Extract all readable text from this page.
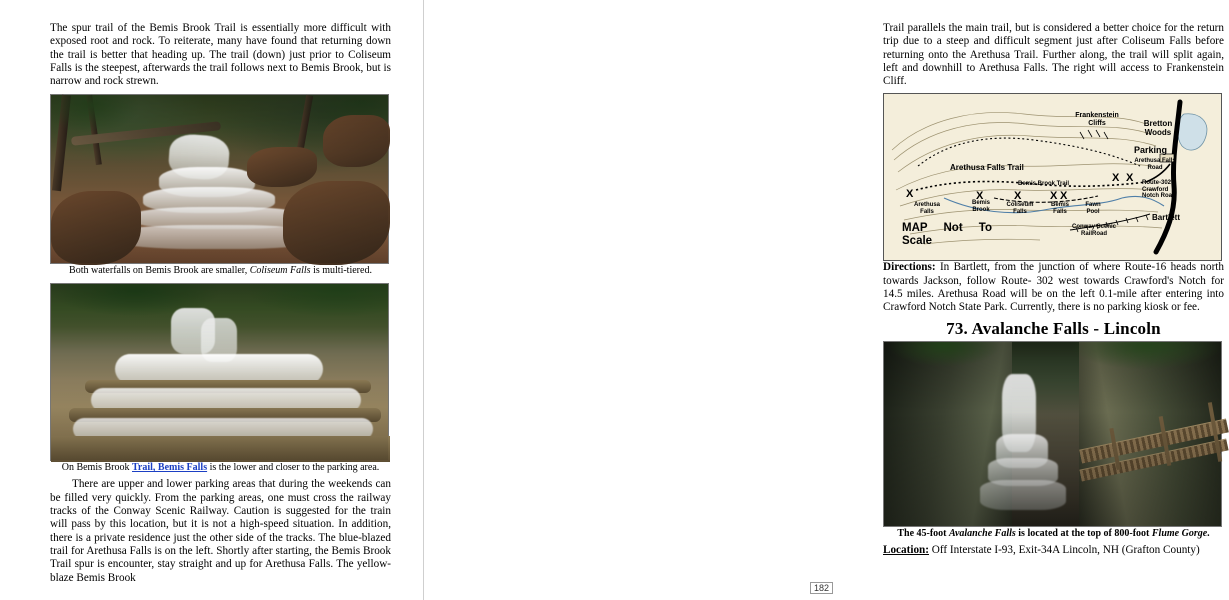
The spur trail of the Bemis Brook Trail is essentially more difficult with exposed root and rock. To reiterate, many have found that returning down the trail is better that heading up. The trail (down) just prior to Coliseum Falls is the steepest, afterwards the trail follows next to Bemis Brook, but is narrow and rock strewn.

Both waterfalls on Bemis Brook are smaller, Coliseum Falls is multi-tiered.
On Bemis Brook Trail, Bemis Falls is the lower and closer to the parking area.

There are upper and lower parking areas that during the weekends can be filled very quickly. From the parking areas, one must cross the railway tracks of the Conway Scenic Railway. Caution is suggested for the train will pass by this location, but it is not a high-speed situation. In addition, there is a private residence just the other side of the tracks. The blue-blazed trail for Arethusa Falls is on the left. Shortly after starting, the Bemis Brook Trail spur is encounter, stay straight and up for Arethusa Falls. The yellow-blaze Bemis Brook

Trail parallels the main trail, but is considered a better choice for the return trip due to a steep and difficult segment just after Coliseum Falls before returning onto the Arethusa Trail. Further along, the trail will split again, left and downhill to Arethusa Falls. The right will access to Frankenstein Cliff.

Frankenstein Cliffs	Bretton Woods
Parking
Arethusa Falls Road
Arethusa Falls Trail
Bemis Brook Trail	Route-302 Crawford Notch Road
Bartlett
Conway Scenic RailRoad
Arethusa Falls
Bemis Brook
Coliseum Falls
Bemis Falls
Fawn Pool
X	X	X	X X
X X
MAP Not To Scale

Directions: In Bartlett, from the junction of where Route-16 heads north towards Jackson, follow Route- 302 west towards Crawford's Notch for 14.5 miles. Arethusa Road will be on the left 0.1-mile after entering into Crawford Notch State Park. Currently, there is no parking kiosk or fee.

73. Avalanche Falls - Lincoln
The 45-foot Avalanche Falls is located at the top of 800-foot Flume Gorge.

Location: Off Interstate I-93, Exit-34A Lincoln, NH (Grafton County)

182
